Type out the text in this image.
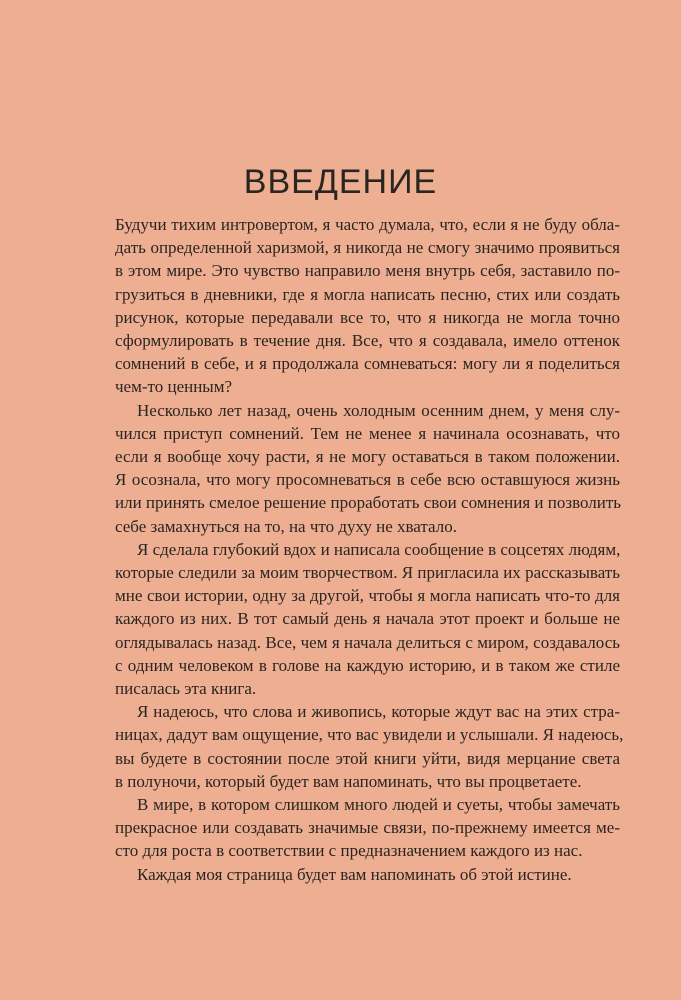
ВВЕДЕНИЕ

Будучи тихим интровертом, я часто думала, что, если я не буду обла-
дать определенной харизмой, я никогда не смогу значимо проявиться
в этом мире. Это чувство направило меня внутрь себя, заставило по-
грузиться в дневники, где я могла написать песню, стих или создать
рисунок, которые передавали все то, что я никогда не могла точно
сформулировать в течение дня. Все, что я создавала, имело оттенок
сомнений в себе, и я продолжала сомневаться: могу ли я поделиться
чем-то ценным?

Несколько лет назад, очень холодным осенним днем, у меня слу-
чился приступ сомнений. Тем не менее я начинала осознавать, что
если я вообще хочу расти, я не могу оставаться в таком положении.
Я осознала, что могу просомневаться в себе всю оставшуюся жизнь
или принять смелое решение проработать свои сомнения и позволить
себе замахнуться на то, на что духу не хватало.

Я сделала глубокий вдох и написала сообщение в соцсетях людям,
которые следили за моим творчеством. Я пригласила их рассказывать
мне свои истории, одну за другой, чтобы я могла написать что-то для
каждого из них. В тот самый день я начала этот проект и больше не
оглядывалась назад. Все, чем я начала делиться с миром, создавалось
с одним человеком в голове на каждую историю, и в таком же стиле
писалась эта книга.

Я надеюсь, что слова и живопись, которые ждут вас на этих стра-
ницах, дадут вам ощущение, что вас увидели и услышали. Я надеюсь,
вы будете в состоянии после этой книги уйти, видя мерцание света
в полуночи, который будет вам напоминать, что вы процветаете.

В мире, в котором слишком много людей и суеты, чтобы замечать
прекрасное или создавать значимые связи, по-прежнему имеется ме-
сто для роста в соответствии с предназначением каждого из нас.

Каждая моя страница будет вам напоминать об этой истине.
